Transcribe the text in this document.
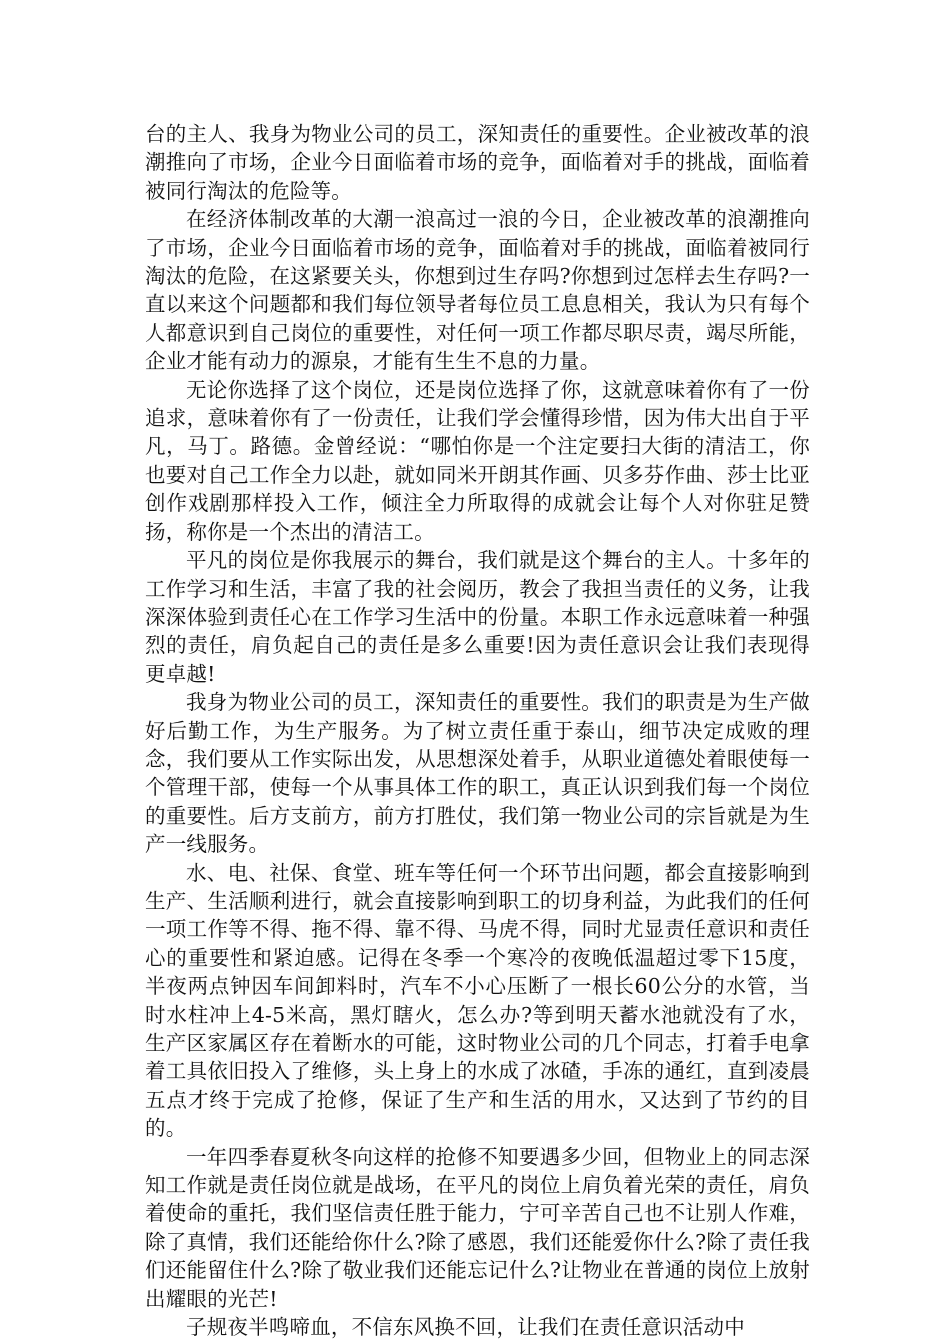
台的主人、我身为物业公司的员工，深知责任的重要性。企业被改革的浪潮推向了市场，企业今日面临着市场的竞争，面临着对手的挑战，面临着被同行淘汰的危险等。

在经济体制改革的大潮一浪高过一浪的今日，企业被改革的浪潮推向了市场，企业今日面临着市场的竞争，面临着对手的挑战，面临着被同行淘汰的危险，在这紧要关头，你想到过生存吗?你想到过怎样去生存吗?一直以来这个问题都和我们每位领导者每位员工息息相关，我认为只有每个人都意识到自己岗位的重要性，对任何一项工作都尽职尽责，竭尽所能，企业才能有动力的源泉，才能有生生不息的力量。

无论你选择了这个岗位，还是岗位选择了你，这就意味着你有了一份追求，意味着你有了一份责任，让我们学会懂得珍惜，因为伟大出自于平凡，马丁。路德。金曾经说：“哪怕你是一个注定要扫大街的清洁工，你也要对自己工作全力以赴，就如同米开朗其作画、贝多芬作曲、莎士比亚创作戏剧那样投入工作，倾注全力所取得的成就会让每个人对你驻足赞扬，称你是一个杰出的清洁工。

平凡的岗位是你我展示的舞台，我们就是这个舞台的主人。十多年的工作学习和生活，丰富了我的社会阅历，教会了我担当责任的义务，让我深深体验到责任心在工作学习生活中的份量。本职工作永远意味着一种强烈的责任，肩负起自己的责任是多么重要!因为责任意识会让我们表现得更卓越!

我身为物业公司的员工，深知责任的重要性。我们的职责是为生产做好后勤工作，为生产服务。为了树立责任重于泰山，细节决定成败的理念，我们要从工作实际出发，从思想深处着手，从职业道德处着眼使每一个管理干部，使每一个从事具体工作的职工，真正认识到我们每一个岗位的重要性。后方支前方，前方打胜仗，我们第一物业公司的宗旨就是为生产一线服务。

水、电、社保、食堂、班车等任何一个环节出问题，都会直接影响到生产、生活顺利进行，就会直接影响到职工的切身利益，为此我们的任何一项工作等不得、拖不得、靠不得、马虎不得，同时尤显责任意识和责任心的重要性和紧迫感。记得在冬季一个寒冷的夜晚低温超过零下15度，半夜两点钟因车间卸料时，汽车不小心压断了一根长60公分的水管，当时水柱冲上4-5米高，黑灯瞎火，怎么办?等到明天蓄水池就没有了水，生产区家属区存在着断水的可能，这时物业公司的几个同志，打着手电拿着工具依旧投入了维修，头上身上的水成了冰碴，手冻的通红，直到凌晨五点才终于完成了抢修，保证了生产和生活的用水，又达到了节约的目的。

一年四季春夏秋冬向这样的抢修不知要遇多少回，但物业上的同志深知工作就是责任岗位就是战场，在平凡的岗位上肩负着光荣的责任，肩负着使命的重托，我们坚信责任胜于能力，宁可辛苦自己也不让别人作难，除了真情，我们还能给你什么?除了感恩，我们还能爱你什么?除了责任我们还能留住什么?除了敬业我们还能忘记什么?让物业在普通的岗位上放射出耀眼的光芒!

子规夜半鸣啼血，不信东风换不回，让我们在责任意识活动中
